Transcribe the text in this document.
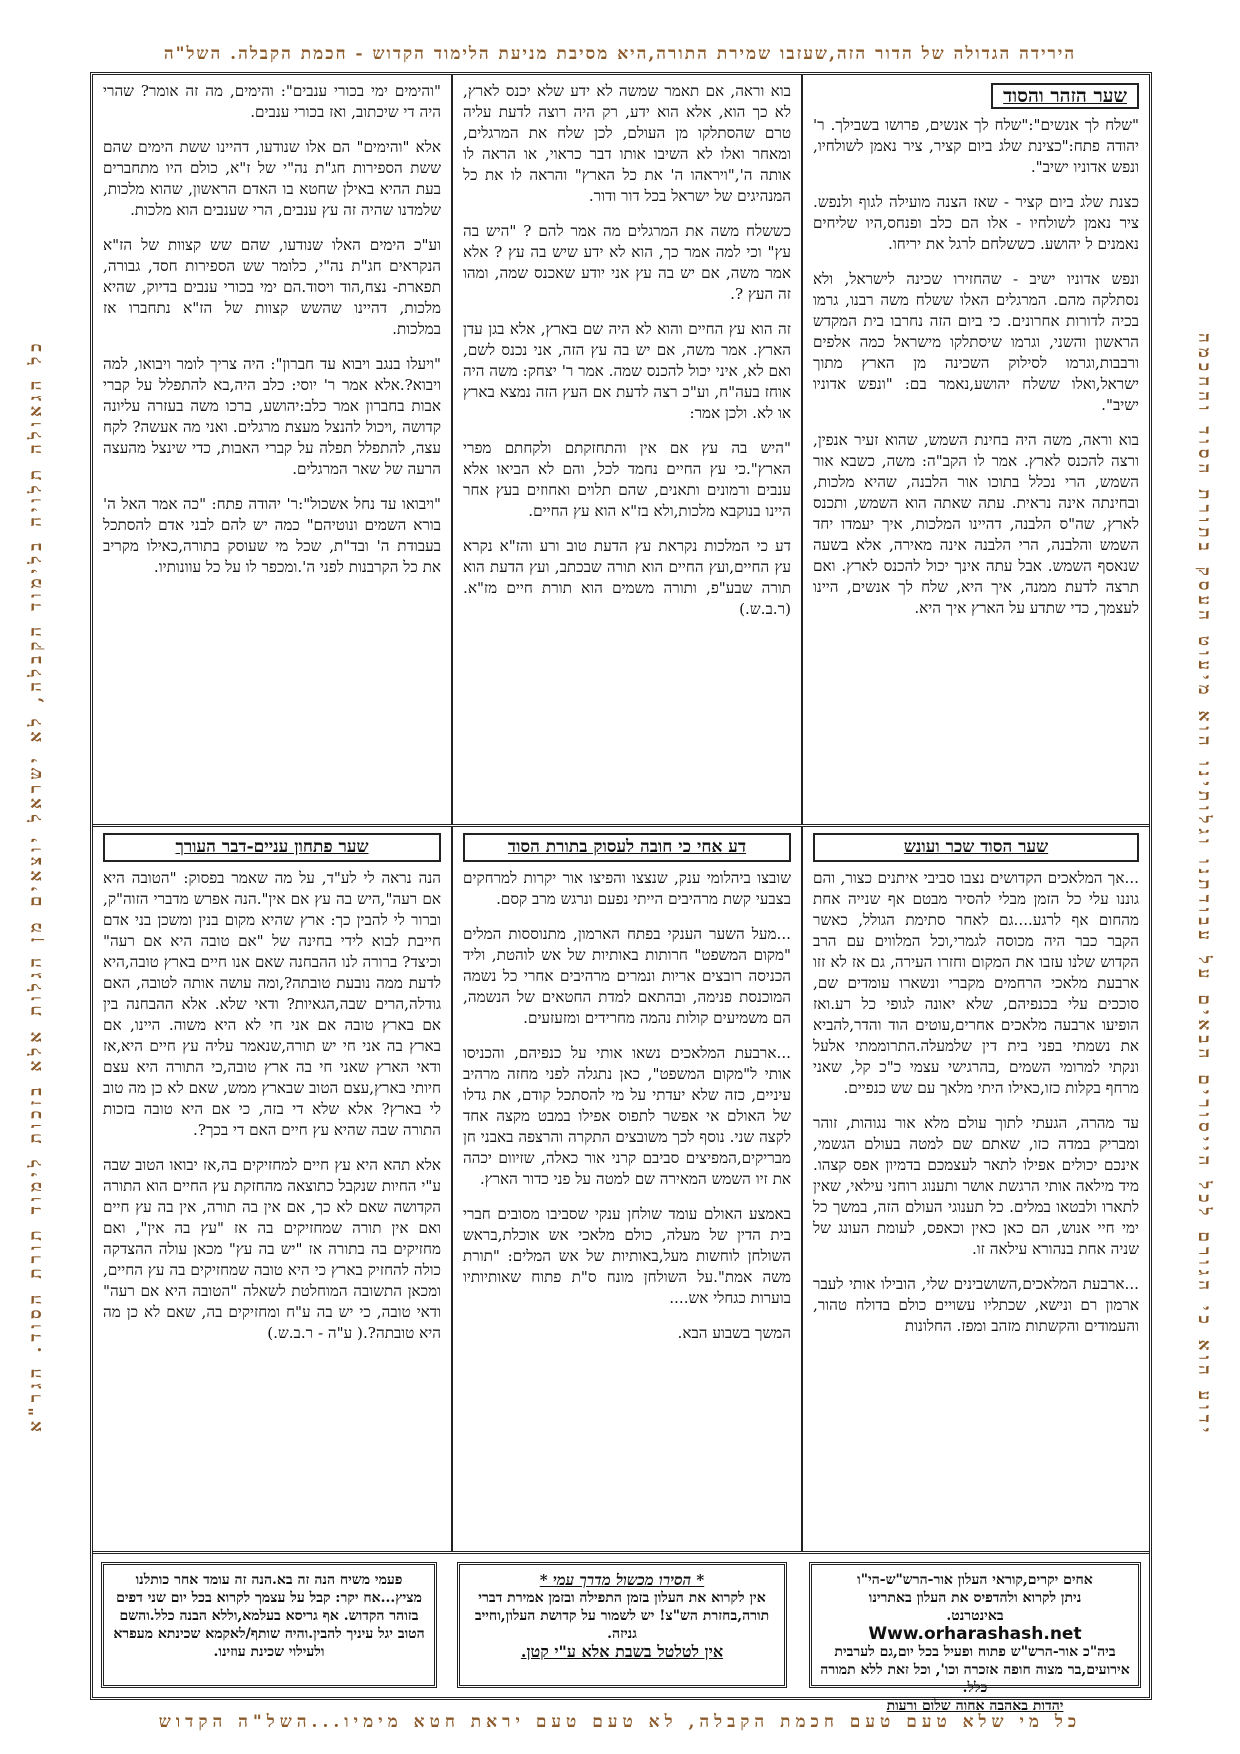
הירידה הגדולה של הדור הזה,שעזבו שמירת התורה,היא מסיבת מניעת הלימוד הקדוש - חכמת הקבלה. השל"ה
ידוע הוא כי הגורם לכל הייסורים הבאים על עבודתנו וגלותינו הוא מיעוט העסק בתורת הסוד והחכמה
כל הגאולה תלויה בלימוד הקבלה, לא ישראל יוצאים מן הגלות אלא בזכות לימוד תורת הסוד. הגר"א
שער הזהר והסוד

"שלח לך אנשים":"שלח לך אנשים, פרושו בשבילך. ר' יהודה פתח:"כצינת שלג ביום קציר, ציר נאמן לשולחיו, ונפש אדוניו ישיב".

כצנת שלג ביום קציר - שאז הצנה מועילה לגוף ולנפש. ציר נאמן לשולחיו - אלו הם כלב ופנחס,היו שליחים נאמנים ל יהושע. כששלחם לרגל את יריחו.

ונפש אדוניו ישיב - שהחזירו שכינה לישראל, ולא נסתלקה מהם. המרגלים האלו ששלח משה רבנו, גרמו בכיה לדורות אחרונים. כי ביום הזה נחרבו בית המקדש הראשון והשני, וגרמו שיסתלקו מישראל כמה אלפים ורבבות,וגרמו לסילוק השכינה מן הארץ מתוך ישראל,ואלו ששלח יהושע,נאמר בם: "ונפש אדוניו ישיב".

בוא וראה, משה היה בחינת השמש, שהוא זעיר אנפין, ורצה להכנס לארץ. אמר לו הקב"ה: משה, כשבא אור השמש, הרי נכלל בתוכו אור הלבנה, שהיא מלכות, ובחינתה אינה נראית. עתה שאתה הוא השמש, ותכנס לארץ, שה"ס הלבנה, דהיינו המלכות, איך יעמדו יחד השמש והלבנה, הרי הלבנה אינה מאירה, אלא בשעה שנאסף השמש. אבל עתה אינך יכול להכנס לארץ. ואם תרצה לדעת ממנה, איך היא, שלח לך אנשים, היינו לעצמך, כדי שתדע על הארץ איך היא.

בוא וראה, אם תאמר שמשה לא ידע שלא יכנס לארץ, לא כך הוא, אלא הוא ידע, רק היה רוצה לדעת עליה טרם שהסתלקו מן העולם, לכן שלח את המרגלים, ומאחר ואלו לא השיבו אותו דבר כראוי, או הראה לו אותה ה',"ויראהו ה' את כל הארץ" והראה לו את כל המנהיגים של ישראל בכל דור ודור.

כששלח משה את המרגלים מה אמר להם ? "היש בה עץ" וכי למה אמר כך, הוא לא ידע שיש בה עץ ? אלא אמר משה, אם יש בה עץ אני יודע שאכנס שמה, ומהו זה העץ ?.

זה הוא עץ החיים והוא לא היה שם בארץ, אלא בגן עדן הארץ. אמר משה, אם יש בה עץ הזה, אני נכנס לשם, ואם לא, איני יכול להכנס שמה. אמר ר' יצחק: משה היה אוחז בעה"ח, וע"כ רצה לדעת אם העץ הזה נמצא בארץ או לא. ולכן אמר:

"היש בה עץ אם אין והתחזקתם ולקחתם מפרי הארץ".כי עץ החיים נחמד לכל, והם לא הביאו אלא ענבים ורמונים ותאנים, שהם תלוים ואחוזים בעץ אחר היינו בנוקבא מלכות,ולא בז"א הוא עץ החיים.

דע כי המלכות נקראת עץ הדעת טוב ורע והז"א נקרא עץ החיים,ועץ החיים הוא תורה שבכתב, ועץ הדעת הוא תורה שבע"פ, ותורה משמים הוא תורת חיים מז"א. (ר.ב.ש.)

"והימים ימי בכורי ענבים": והימים, מה זה אומר? שהרי היה די שיכתוב, ואז בכורי ענבים.

אלא "והימים" הם אלו שנודעו, דהיינו ששת הימים שהם ששת הספירות חג"ת נה"י של ז"א, כולם היו מתחברים בעת ההיא באילן שחטא בו האדם הראשון, שהוא מלכות, שלמדנו שהיה זה עץ ענבים, הרי שענבים הוא מלכות.

וע"כ הימים האלו שנודעו, שהם שש קצוות של הז"א הנקראים חג"ת נה"י, כלומר שש הספירות חסד, גבורה, תפארת- נצח,הוד ויסוד.הם ימי בכורי ענבים בדיוק, שהיא מלכות, דהיינו שהשש קצוות של הז"א נתחברו אז במלכות.

"ויעלו בנגב ויבוא עד חברון": היה צריך לומר ויבואו, למה ויבוא?.אלא אמר ר' יוסי: כלב היה,בא להתפלל על קברי אבות בחברון אמר כלב:יהושע, ברכו משה בעזרה עליונה קדושה ,ויכול להנצל מעצת מרגלים. ואני מה אעשה? לקח עצה, להתפלל תפלה על קברי האבות, כדי שינצל מהעצה הרעה של שאר המרגלים.

"ויבואו עד נחל אשכול":ר' יהודה פתח: "כה אמר האל ה' בורא השמים ונוטיהם" כמה יש להם לבני אדם להסתכל בעבודת ה' ובד"ת, שכל מי שעוסק בתורה,כאילו מקריב את כל הקרבנות לפני ה'.ומכפר לו על כל עוונותיו.

שער הסוד שכר ועונש

...אך המלאכים הקדושים נצבו סביבי איתנים כצור, והם גוננו עלי כל הזמן מבלי להסיר מבטם אף שנייה אחת מהחום אף לרגע....גם לאחר סתימת הגולל, כאשר הקבר כבר היה מכוסה לגמרי,וכל המלווים עם הרב הקדוש שלנו עזבו את המקום וחזרו העירה, גם אז לא זזו ארבעת מלאכי הרחמים מקברי ונשארו עומדים שם, סוככים עלי בכנפיהם, שלא יאונה לגופי כל רע.ואז הופיעו ארבעה מלאכים אחרים,עוטים הוד והדר,להביא את נשמתי בפני בית דין שלמעלה.התרוממתי אלעל ונקתי למרומי השמים ,בהרגישי עצמי כ"כ קל, שאני מרחף בקלות כזו,כאילו היתי מלאך עם שש כנפיים.

עד מהרה, הגעתי לתוך עולם מלא אור נגוהות, זוהר ומבריק במדה כזו, שאתם שם למטה בעולם הגשמי, אינכם יכולים אפילו לתאר לעצמכם בדמיון אפס קצהו. מיד מילאה אותי הרגשת אושר ותענוג רוחני עילאי, שאין לתארו ולבטאו במלים. כל תענוגי העולם הזה, במשך כל ימי חיי אנוש, הם כאן כאין וכאפס, לעומת העונג של שניה אחת בנהורא עילאה זו.

...ארבעת המלאכים,השושבינים שלי, הובילו אותי לעבר ארמון רם ונישא, שכתליו עשויים כולם בדולח טהור, והעמודים והקשתות מזהב ומפז. החלונות

דע אחי כי חובה לעסוק בתורת הסוד

שובצו ביהלומי ענק, שנצצו והפיצו אור יקרות למרחקים בצבעי קשת מרהיבים הייתי נפעם ונרגש מרב קסם.

...מעל השער הענקי בפתח הארמון, מתנוססות המלים "מקום המשפט" חרותות באותיות של אש לוהטת, וליד הכניסה רובצים אריות ונמרים מרהיבים אחרי כל נשמה המוכנסת פנימה, ובהתאם למדת החטאים של הנשמה, הם משמיעים קולות נהמה מחרידים ומזעזעים.

...ארבעת המלאכים נשאו אותי על כנפיהם, והכניסו אותי ל"מקום המשפט", כאן נתגלה לפני מחזה מרהיב עיניים, כזה שלא יעדתי על מי להסתכל קודם, את גדלו של האולם אי אפשר לתפוס אפילו במבט מקצה אחד לקצה שני. נוסף לכך משובצים התקרה והרצפה באבני חן מבריקים,המפיצים סביבם קרני אור כאלה, שזיוום יכהה את זיו השמש המאירה שם למטה על פני כדור הארץ.

באמצע האולם עומד שולחן ענקי שסביבו מסובים חברי בית הדין של מעלה, כולם מלאכי אש אוכלת,בראש השולחן לוחשות מעל,באותיות של אש המלים: "תורת משה אמת".על השולחן מונח ס"ת פתוח שאותיותיו בוערות כגחלי אש....

המשך בשבוע הבא.

שער פתחון עניים-דבר העורך

הנה נראה לי לע"ד, על מה שאמר בפסוק: "הטובה היא אם רעה",היש בה עץ אם אין".הנה אפרש מדברי הזוה"ק, וברור לי להבין כך: ארץ שהיא מקום בנין ומשכן בני אדם חייבת לבוא לידי בחינה של "אם טובה היא אם רעה" וכיצד? ברורה לנו ההבחנה שאם אנו חיים בארץ טובה,היא לדעת ממה נובעת טובתה?,ומה עושה אותה לטובה, האם גודלה,הרים שבה,הגאיות? ודאי שלא. אלא ההבחנה בין אם בארץ טובה אם אני חי לא היא משוה. היינו, אם בארץ בה אני חי יש תורה,שנאמר עליה עץ חיים היא,אז ודאי הארץ שאני חי בה ארץ טובה,כי התורה היא עצם חיותי בארץ,עצם הטוב שבארץ ממש, שאם לא כן מה טוב לי בארץ? אלא שלא די בזה, כי אם היא טובה בזכות התורה שבה שהיא עץ חיים האם די בכך?.

אלא תהא היא עץ חיים למחזיקים בה,אז יבואו הטוב שבה ע"י החיות שנקבל כתוצאה מהחזקת עץ החיים הוא התורה הקדושה שאם לא כך, אם אין בה תורה, אין בה עץ חיים ואם אין תורה שמחזיקים בה אז "עץ בה אין", ואם מחזיקים בה בתורה אז "יש בה עץ" מכאן עולה ההצדקה כולה להחזיק בארץ כי היא טובה שמחזיקים בה עץ החיים, ומכאן התשובה המוחלטת לשאלה "הטובה היא אם רעה" ודאי טובה, כי יש בה ע"ח ומחזיקים בה, שאם לא כן מה היא טובתה?.( ע"ה - ר.ב.ש.)

אחים יקרים,קוראי העלון אור-הרש"ש-הי"ו
ניתן לקרוא ולהדפיס את העלון באתרינו
באינטרנט.
Www.orharashash.net
ביה"כ אור-הרש"ש פתוח ופעיל בכל יום,גם לערבית אירועים,בר מצוה חופה אזכרה וכו', וכל זאת ללא תמורה כלל.
יהדות באהבה אחוה שלום ורעות
* הסירו מכשול מדרך עמי *
אין לקרוא את העלון בזמן התפילה ובזמן אמירת דברי תורה,בחזרת הש"צ! יש לשמור על קדושת העלון,וחייב גניזה.
אין לטלטל בשבת אלא ע"י קטן.
פעמי משיח הנה זה בא.הנה זה עומד אחר כותלנו מציץ...אח יקר: קבל על עצמך לקרוא בכל יום שני דפים בזוהר הקדוש. אף גריסא בעלמא,וללא הבנה כלל.והשם הטוב יגל עיניך להבין.והיה שותף/לאקמא שכינתא מעפרא ולעילוי שכינת עוזינו.
כל מי שלא טעם טעם חכמת הקבלה, לא טעם טעם יראת חטא מימיו...השל"ה הקדוש
